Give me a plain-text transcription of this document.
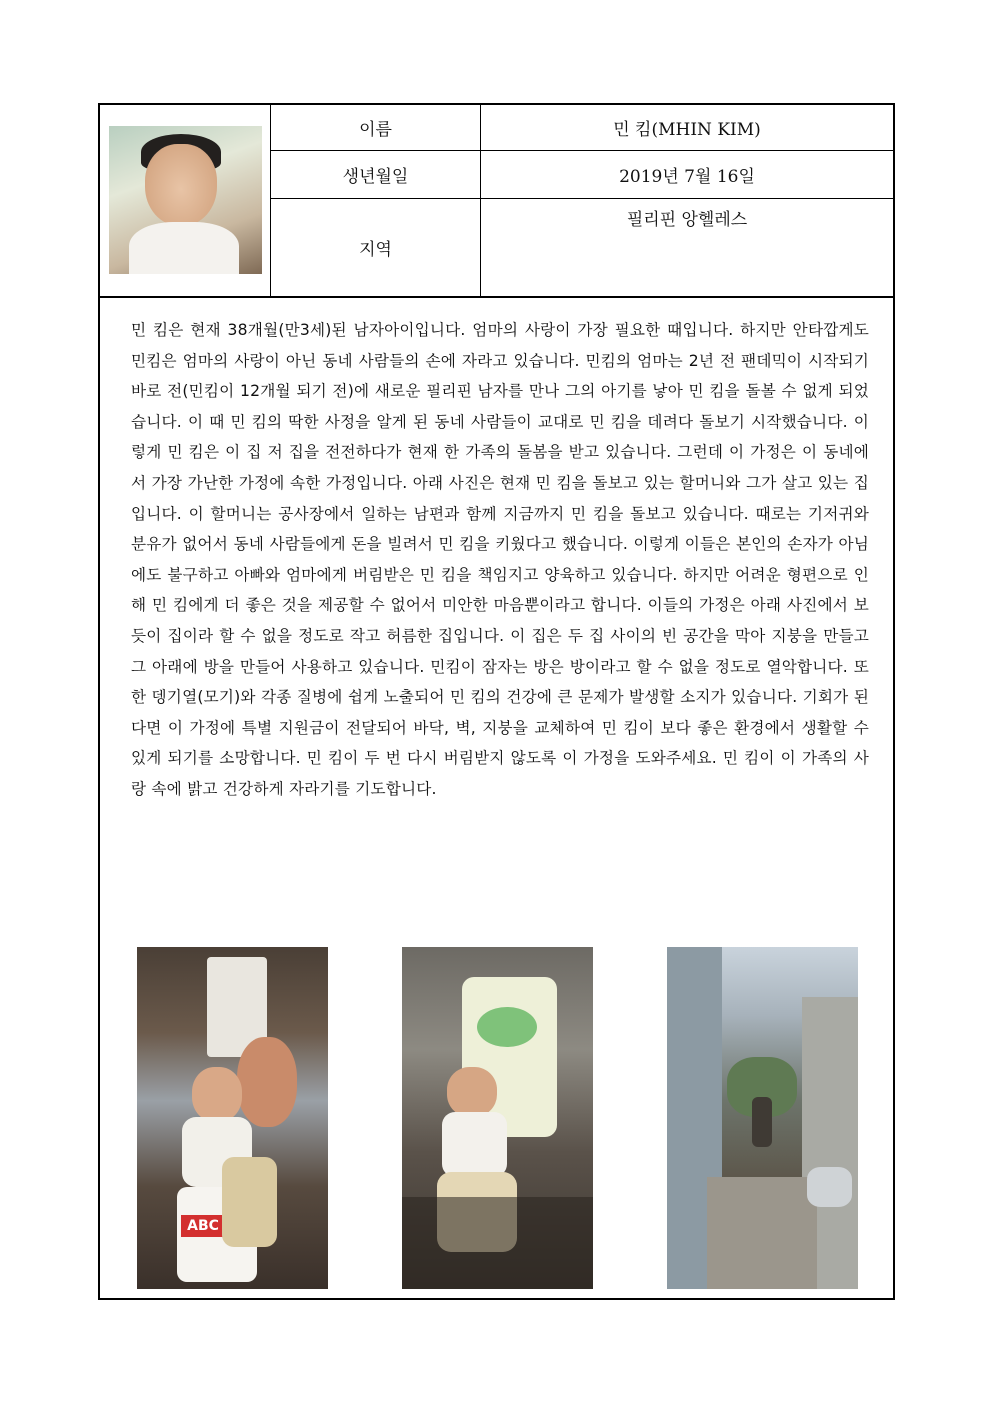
이름	민 킴(MHIN KIM)
생년월일	2019년 7월 16일
지역
필리핀 앙헬레스
민 킴은 현재 38개월(만3세)된 남자아이입니다. 엄마의 사랑이 가장 필요한 때입니다. 하지만 안타깝게도 민킴은 엄마의 사랑이 아닌 동네 사람들의 손에 자라고 있습니다. 민킴의 엄마는 2년 전 팬데믹이 시작되기 바로 전(민킴이 12개월 되기 전)에 새로운 필리핀 남자를 만나 그의 아기를 낳아 민 킴을 돌볼 수 없게 되었습니다. 이 때 민 킴의 딱한 사정을 알게 된 동네 사람들이 교대로 민 킴을 데려다 돌보기 시작했습니다. 이렇게 민 킴은 이 집 저 집을 전전하다가 현재 한 가족의 돌봄을 받고 있습니다. 그런데 이 가정은 이 동네에서 가장 가난한 가정에 속한 가정입니다. 아래 사진은 현재 민 킴을 돌보고 있는 할머니와 그가 살고 있는 집입니다. 이 할머니는 공사장에서 일하는 남편과 함께 지금까지 민 킴을 돌보고 있습니다. 때로는 기저귀와 분유가 없어서 동네 사람들에게 돈을 빌려서 민 킴을 키웠다고 했습니다. 이렇게 이들은 본인의 손자가 아님에도 불구하고 아빠와 엄마에게 버림받은 민 킴을 책임지고 양육하고 있습니다. 하지만 어려운 형편으로 인해 민 킴에게 더 좋은 것을 제공할 수 없어서 미안한 마음뿐이라고 합니다. 이들의 가정은 아래 사진에서 보듯이 집이라 할 수 없을 정도로 작고 허름한 집입니다. 이 집은 두 집 사이의 빈 공간을 막아 지붕을 만들고 그 아래에 방을 만들어 사용하고 있습니다. 민킴이 잠자는 방은 방이라고 할 수 없을 정도로 열악합니다. 또한 뎅기열(모기)와 각종 질병에 쉽게 노출되어 민 킴의 건강에 큰 문제가 발생할 소지가 있습니다. 기회가 된다면 이 가정에 특별 지원금이 전달되어 바닥, 벽, 지붕을 교체하여 민 킴이 보다 좋은 환경에서 생활할 수 있게 되기를 소망합니다. 민 킴이 두 번 다시 버림받지 않도록 이 가정을 도와주세요. 민 킴이 이 가족의 사랑 속에 밝고 건강하게 자라기를 기도합니다.
ABC
